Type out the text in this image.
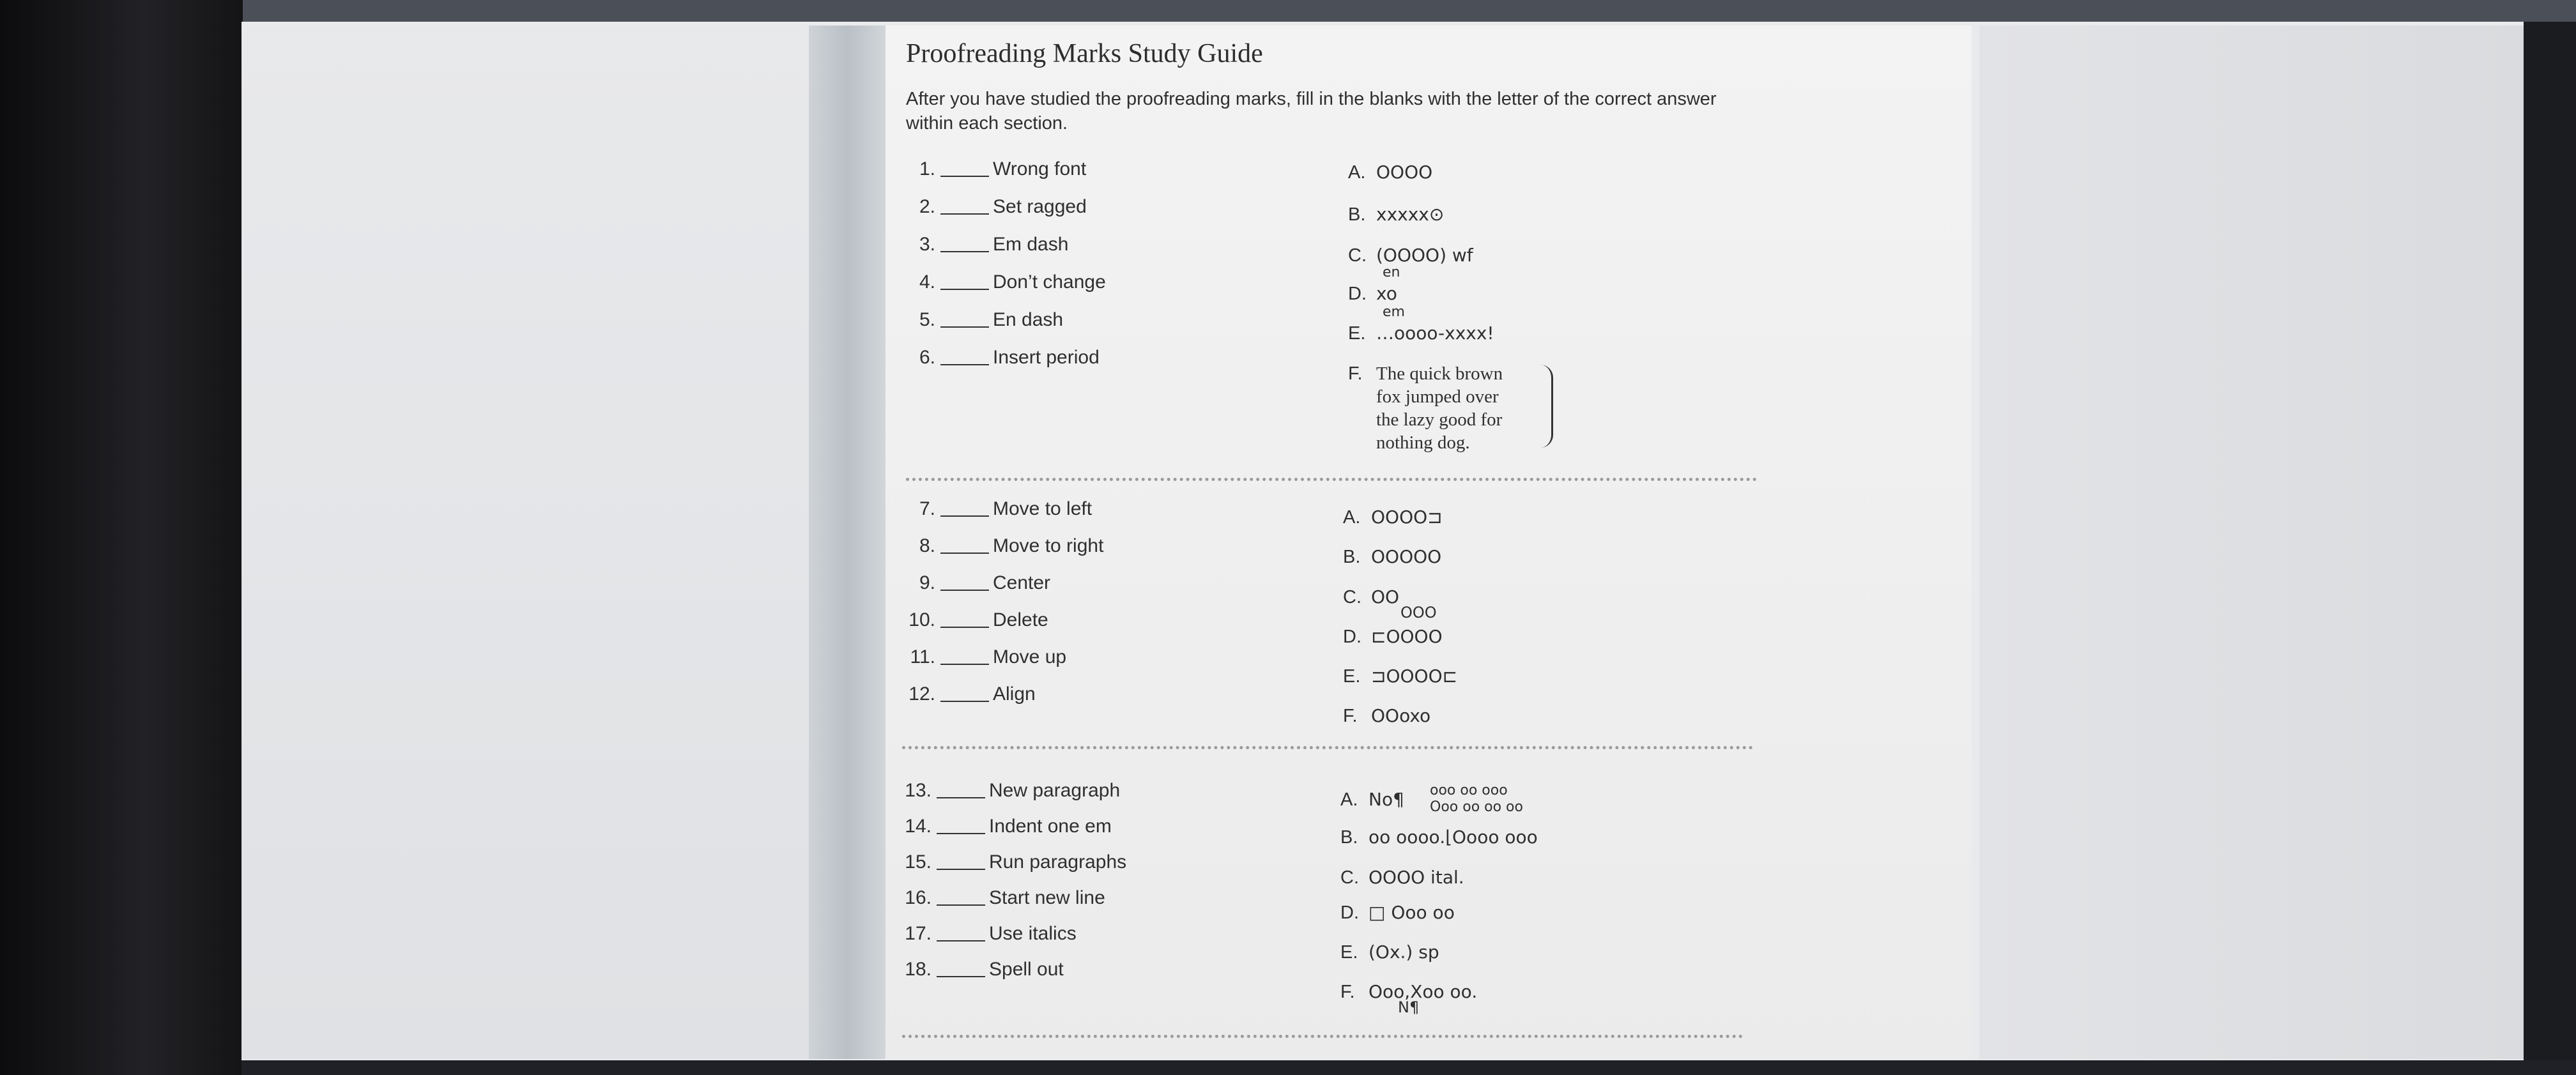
Proofreading Marks Study Guide
After you have studied the proofreading marks, fill in the blanks with the letter of the correct answer within each section.
1.	Wrong font
2.	Set ragged
3.	Em dash
4.	Don’t change
5.	En dash
6.	Insert period
A. OOOO
B. xxxxx⊙
C. (OOOO) wf
D. xo
en
E. …oooo-xxxx!
em
F. The quick brown
fox jumped over
the lazy good for
nothing dog.
7.	Move to left
8.	Move to right
9.	Center
10.	Delete
11.	Move up
12.	Align
A. OOOO⊐
B. OOOOO
C. OO
OOO
D. ⊏OOOO
E. ⊐OOOO⊏
F. OOoxo
13.	New paragraph
14.	Indent one em
15.	Run paragraphs
16.	Start new line
17.	Use italics
18.	Spell out
A. No¶ ooo oo ooo
Ooo oo oo oo
B. oo oooo.⌊Oooo ooo
C. OOOO ital.
D. □ Ooo oo
E. (Ox.) sp
F. Ooo,Xoo oo.
N¶
